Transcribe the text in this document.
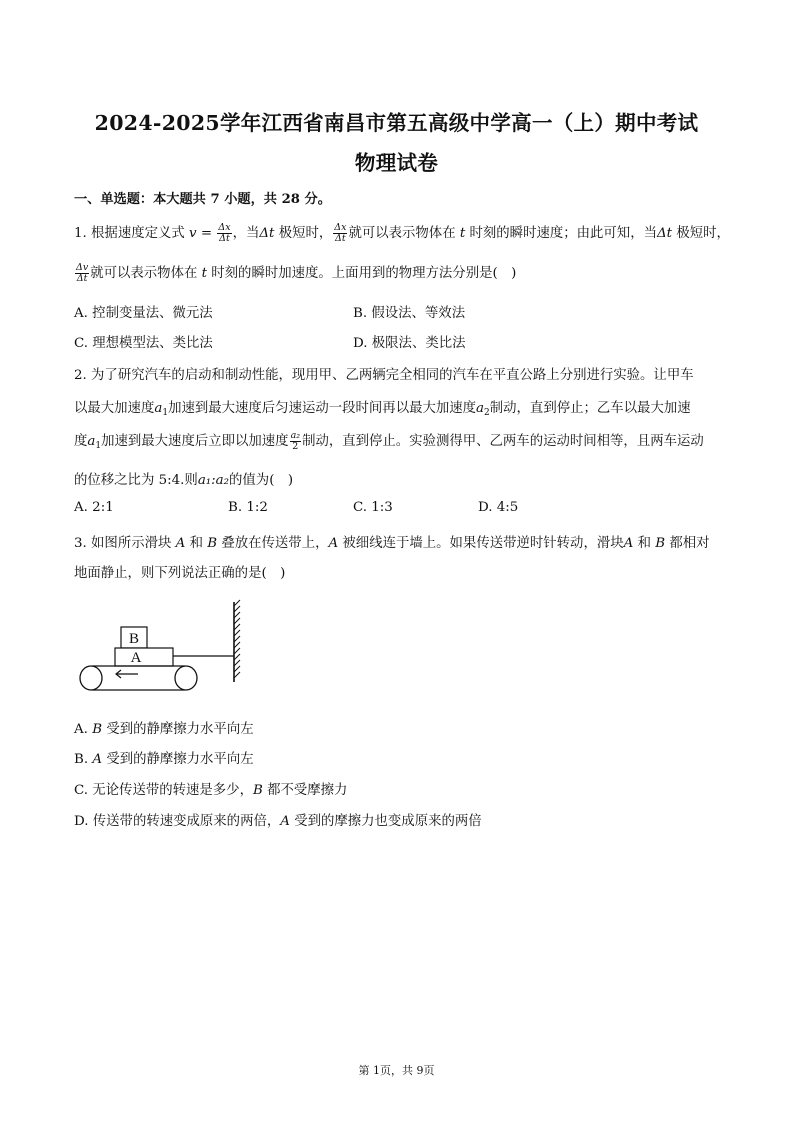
2024-2025学年江西省南昌市第五高级中学高一（上）期中考试
物理试卷
一、单选题：本大题共 7 小题，共 28 分。
1. 根据速度定义式 $v = \frac{\Delta x}{\Delta t}$ ，当Δt 极短时， $\frac{\Delta x}{\Delta t}$ 就可以表示物体在 t 时刻的瞬时速度；由此可知，当Δt 极短时，
$\frac{\Delta v}{\Delta t}$ 就可以表示物体在 t 时刻的瞬时加速度。上面用到的物理方法分别是(　)
A. 控制变量法、微元法	B. 假设法、等效法
C. 理想模型法、类比法	D. 极限法、类比法
2. 为了研究汽车的启动和制动性能，现用甲、乙两辆完全相同的汽车在平直公路上分别进行实验。让甲车
以最大加速度$a_1$加速到最大速度后匀速运动一段时间再以最大加速度$a_2$制动，直到停止；乙车以最大加速
度$a_1$加速到最大速度后立即以加速度 $\frac{\text{a₂}}{2}$ 制动，直到停止。实验测得甲、乙两车的运动时间相等，且两车运动
的位移之比为 5:4.则a₁:a₂的值为(　)
A. 2:1	B. 1:2	C. 1:3	D. 4:5
3. 如图所示滑块 A 和 B 叠放在传送带上，A 被细线连于墙上。如果传送带逆时针转动，滑块A 和 B 都相对
地面静止，则下列说法正确的是(　)
B
A
A. B 受到的静摩擦力水平向左
B. A 受到的静摩擦力水平向左
C. 无论传送带的转速是多少，B 都不受摩擦力
D. 传送带的转速变成原来的两倍，A 受到的摩擦力也变成原来的两倍
第 1页，共 9页
